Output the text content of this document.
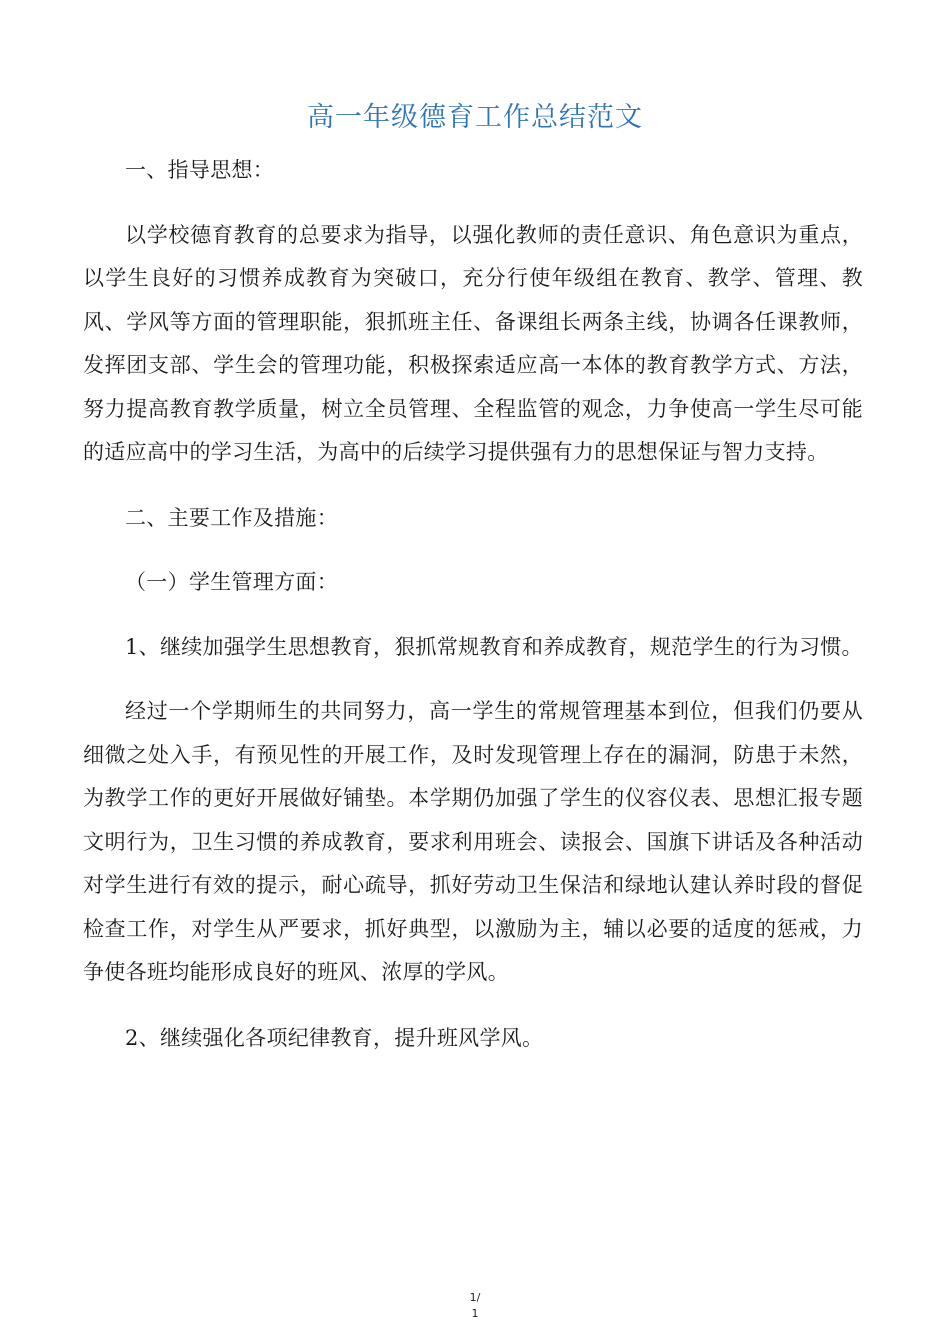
高一年级德育工作总结范文

一、指导思想：

以学校德育教育的总要求为指导，以强化教师的责任意识、角色意识为重点，以学生良好的习惯养成教育为突破口，充分行使年级组在教育、教学、管理、教风、学风等方面的管理职能，狠抓班主任、备课组长两条主线，协调各任课教师，发挥团支部、学生会的管理功能，积极探索适应高一本体的教育教学方式、方法，努力提高教育教学质量，树立全员管理、全程监管的观念，力争使高一学生尽可能的适应高中的学习生活，为高中的后续学习提供强有力的思想保证与智力支持。

二、主要工作及措施：

（一）学生管理方面：

1、继续加强学生思想教育，狠抓常规教育和养成教育，规范学生的行为习惯。

经过一个学期师生的共同努力，高一学生的常规管理基本到位，但我们仍要从细微之处入手，有预见性的开展工作，及时发现管理上存在的漏洞，防患于未然，为教学工作的更好开展做好铺垫。本学期仍加强了学生的仪容仪表、思想汇报专题文明行为，卫生习惯的养成教育，要求利用班会、读报会、国旗下讲话及各种活动对学生进行有效的提示，耐心疏导，抓好劳动卫生保洁和绿地认建认养时段的督促检查工作，对学生从严要求，抓好典型，以激励为主，辅以必要的适度的惩戒，力争使各班均能形成良好的班风、浓厚的学风。

2、继续强化各项纪律教育，提升班风学风。

1/
1
